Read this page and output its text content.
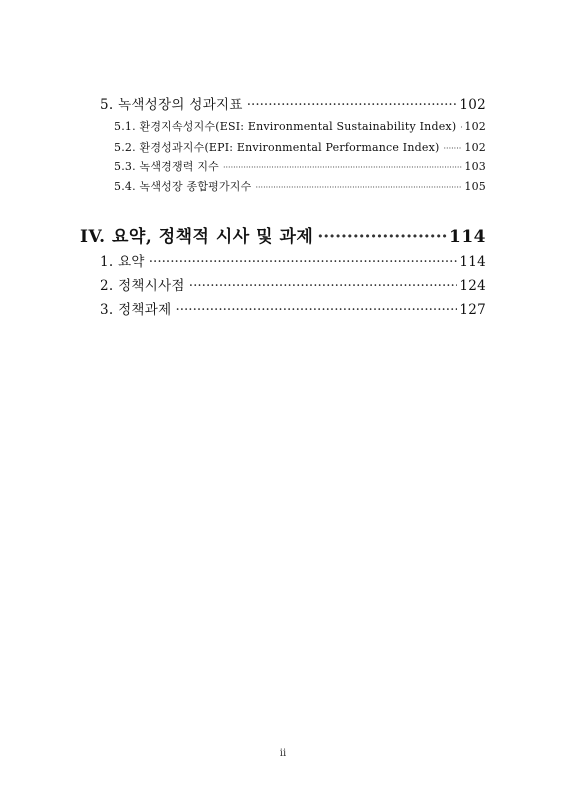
5. 녹색성장의 성과지표 ·····	102
5.1. 환경지속성지수(ESI: Environmental Sustainability Index) ····· 102
5.2. 환경성과지수(EPI: Environmental Performance Index) ····· 102
5.3. 녹색경쟁력 지수 ·····	103
5.4. 녹색성장 종합평가지수 ·····	105
IV. 요약, 정책적 시사 및 과제 ·····	114
1. 요약 ·····	114
2. 정책시사점 ·····	124
3. 정책과제 ·····	127
ii
